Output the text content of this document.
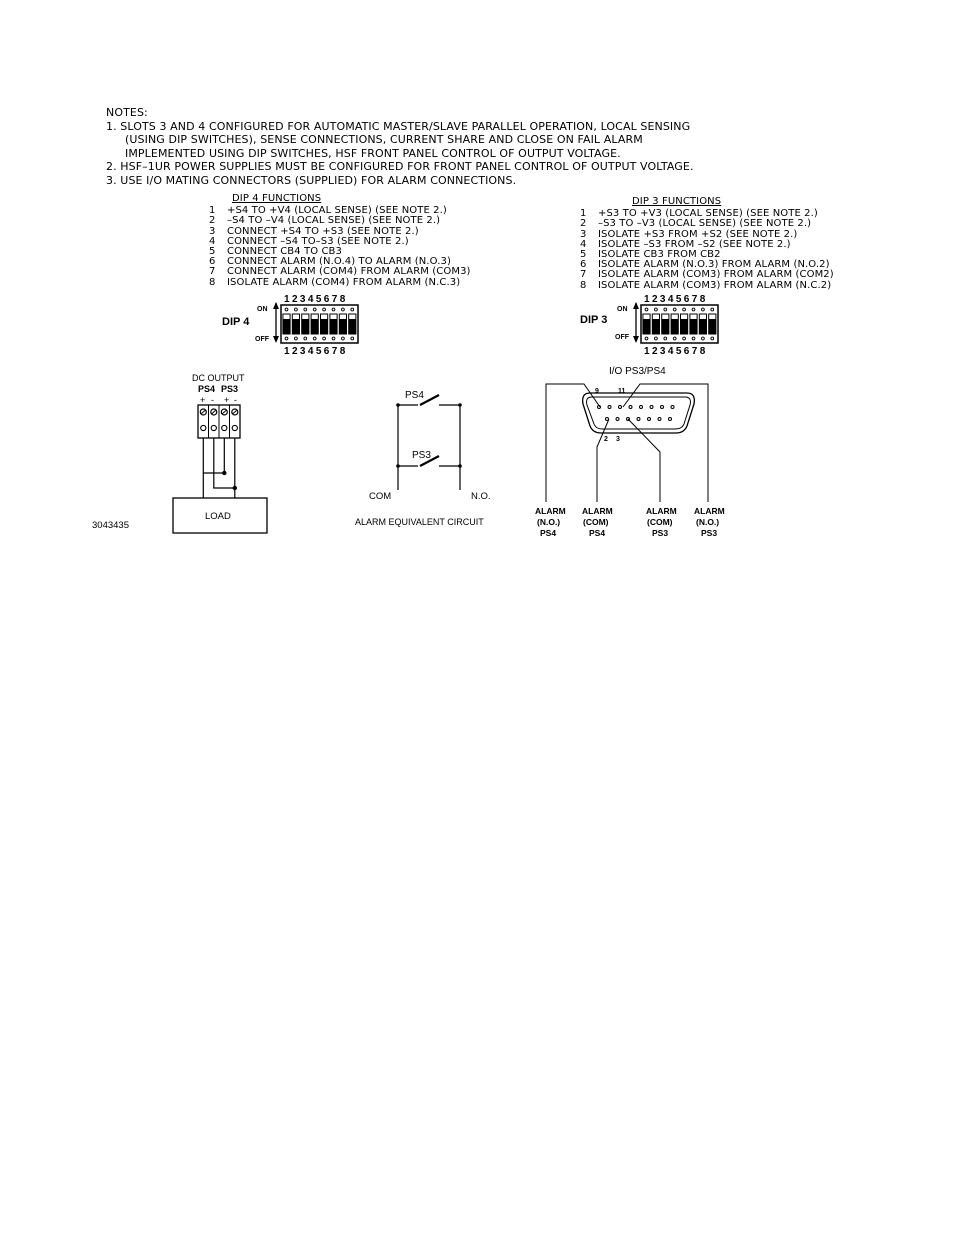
NOTES:
1. SLOTS 3 AND 4 CONFIGURED FOR AUTOMATIC MASTER/SLAVE PARALLEL OPERATION, LOCAL SENSING
(USING DIP SWITCHES), SENSE CONNECTIONS, CURRENT SHARE AND CLOSE ON FAIL ALARM
IMPLEMENTED USING DIP SWITCHES, HSF FRONT PANEL CONTROL OF OUTPUT VOLTAGE.
2. HSF–1UR POWER SUPPLIES MUST BE CONFIGURED FOR FRONT PANEL CONTROL OF OUTPUT VOLTAGE.
3. USE I/O MATING CONNECTORS (SUPPLIED) FOR ALARM CONNECTIONS.
DIP 4 FUNCTIONS
1	+S4 TO +V4 (LOCAL SENSE) (SEE NOTE 2.)
2	–S4 TO –V4 (LOCAL SENSE) (SEE NOTE 2.)
3	CONNECT +S4 TO +S3 (SEE NOTE 2.)
4	CONNECT –S4 TO–S3 (SEE NOTE 2.)
5	CONNECT CB4 TO CB3
6	CONNECT ALARM (N.O.4) TO ALARM (N.O.3)
7	CONNECT ALARM (COM4) FROM ALARM (COM3)
8	ISOLATE ALARM (COM4) FROM ALARM (N.C.3)
DIP 3 FUNCTIONS
1	+S3 TO +V3 (LOCAL SENSE) (SEE NOTE 2.)
2	–S3 TO –V3 (LOCAL SENSE) (SEE NOTE 2.)
3	ISOLATE +S3 FROM +S2 (SEE NOTE 2.)
4	ISOLATE –S3 FROM –S2 (SEE NOTE 2.)
5	ISOLATE CB3 FROM CB2
6	ISOLATE ALARM (N.O.3) FROM ALARM (N.O.2)
7	ISOLATE ALARM (COM3) FROM ALARM (COM2)
8	ISOLATE ALARM (COM3) FROM ALARM (N.C.2)
DIP 4
ON
OFF
12345678
12345678
DIP 3
ON
OFF
12345678
12345678
DC OUTPUT
PS4 PS3
+ - + -
LOAD
PS4
PS3
COM	N.O.
ALARM EQUIVALENT CIRCUIT
I/O PS3/PS4
9	11
2 3
ALARM
(N.O.)
PS4
ALARM
(COM)
PS4
ALARM
(COM)
PS3
ALARM
(N.O.)
PS3
3043435
